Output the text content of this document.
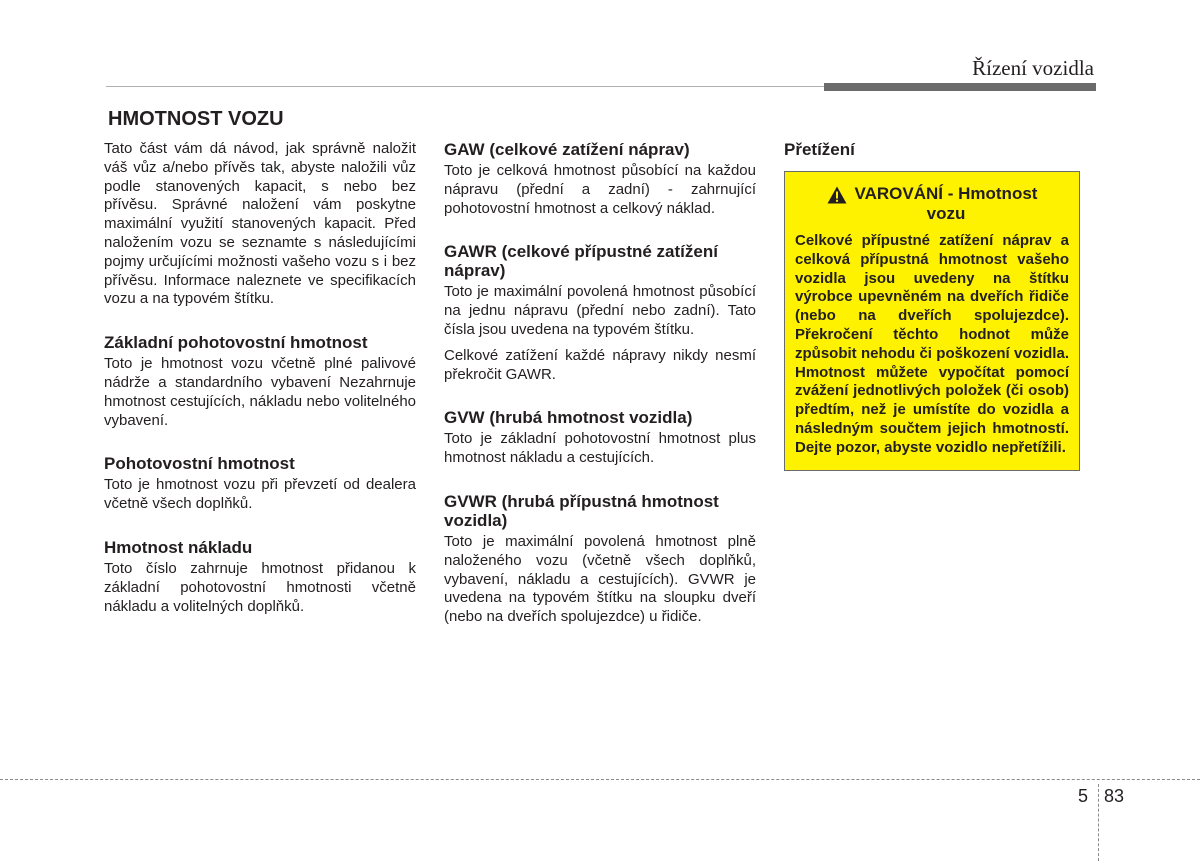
Řízení vozidla
HMOTNOST VOZU

Tato část vám dá návod, jak správně naložit váš vůz a/nebo přívěs tak, abyste naložili vůz podle stanovených kapacit, s nebo bez přívěsu. Správné naložení vám poskytne maximální využití stanovených kapacit. Před naložením vozu se seznamte s následujícími pojmy určujícími možnosti vašeho vozu s i bez přívěsu. Informace naleznete ve specifikacích vozu a na typovém štítku.

Základní pohotovostní hmotnost

Toto je hmotnost vozu včetně plné palivové nádrže a standardního vybavení Nezahrnuje hmotnost cestujících, nákladu nebo volitelného vybavení.

Pohotovostní hmotnost

Toto je hmotnost vozu při převzetí od dealera včetně všech doplňků.

Hmotnost nákladu

Toto číslo zahrnuje hmotnost přidanou k základní pohotovostní hmotnosti včetně nákladu a volitelných doplňků.

GAW (celkové zatížení náprav)

Toto je celková hmotnost působící na každou nápravu (přední a zadní) - zahrnující pohotovostní hmotnost a celkový náklad.

GAWR (celkové přípustné zatížení náprav)

Toto je maximální povolená hmotnost působící na jednu nápravu (přední nebo zadní). Tato čísla jsou uvedena na typovém štítku.

Celkové zatížení každé nápravy nikdy nesmí překročit GAWR.

GVW (hrubá hmotnost vozidla)

Toto je základní pohotovostní hmotnost plus hmotnost nákladu a cestujících.

GVWR (hrubá přípustná hmotnost vozidla)

Toto je maximální povolená hmotnost plně naloženého vozu (včetně všech doplňků, vybavení, nákladu a cestujících). GVWR je uvedena na typovém štítku na sloupku dveří (nebo na dveřích spolujezdce) u řidiče.

Přetížení
VAROVÁNÍ - Hmotnost
vozu

Celkové přípustné zatížení náprav a celková přípustná hmotnost vašeho vozidla jsou uvedeny na štítku výrobce upevněném na dveřích řidiče (nebo na dveřích spolujezdce). Překročení těchto hodnot může způsobit nehodu či poškození vozidla. Hmotnost můžete vypočítat pomocí zvážení jednotlivých položek (či osob) předtím, než je umístíte do vozidla a následným součtem jejich hmotností. Dejte pozor, abyste vozidlo nepřetížili.

5 83
